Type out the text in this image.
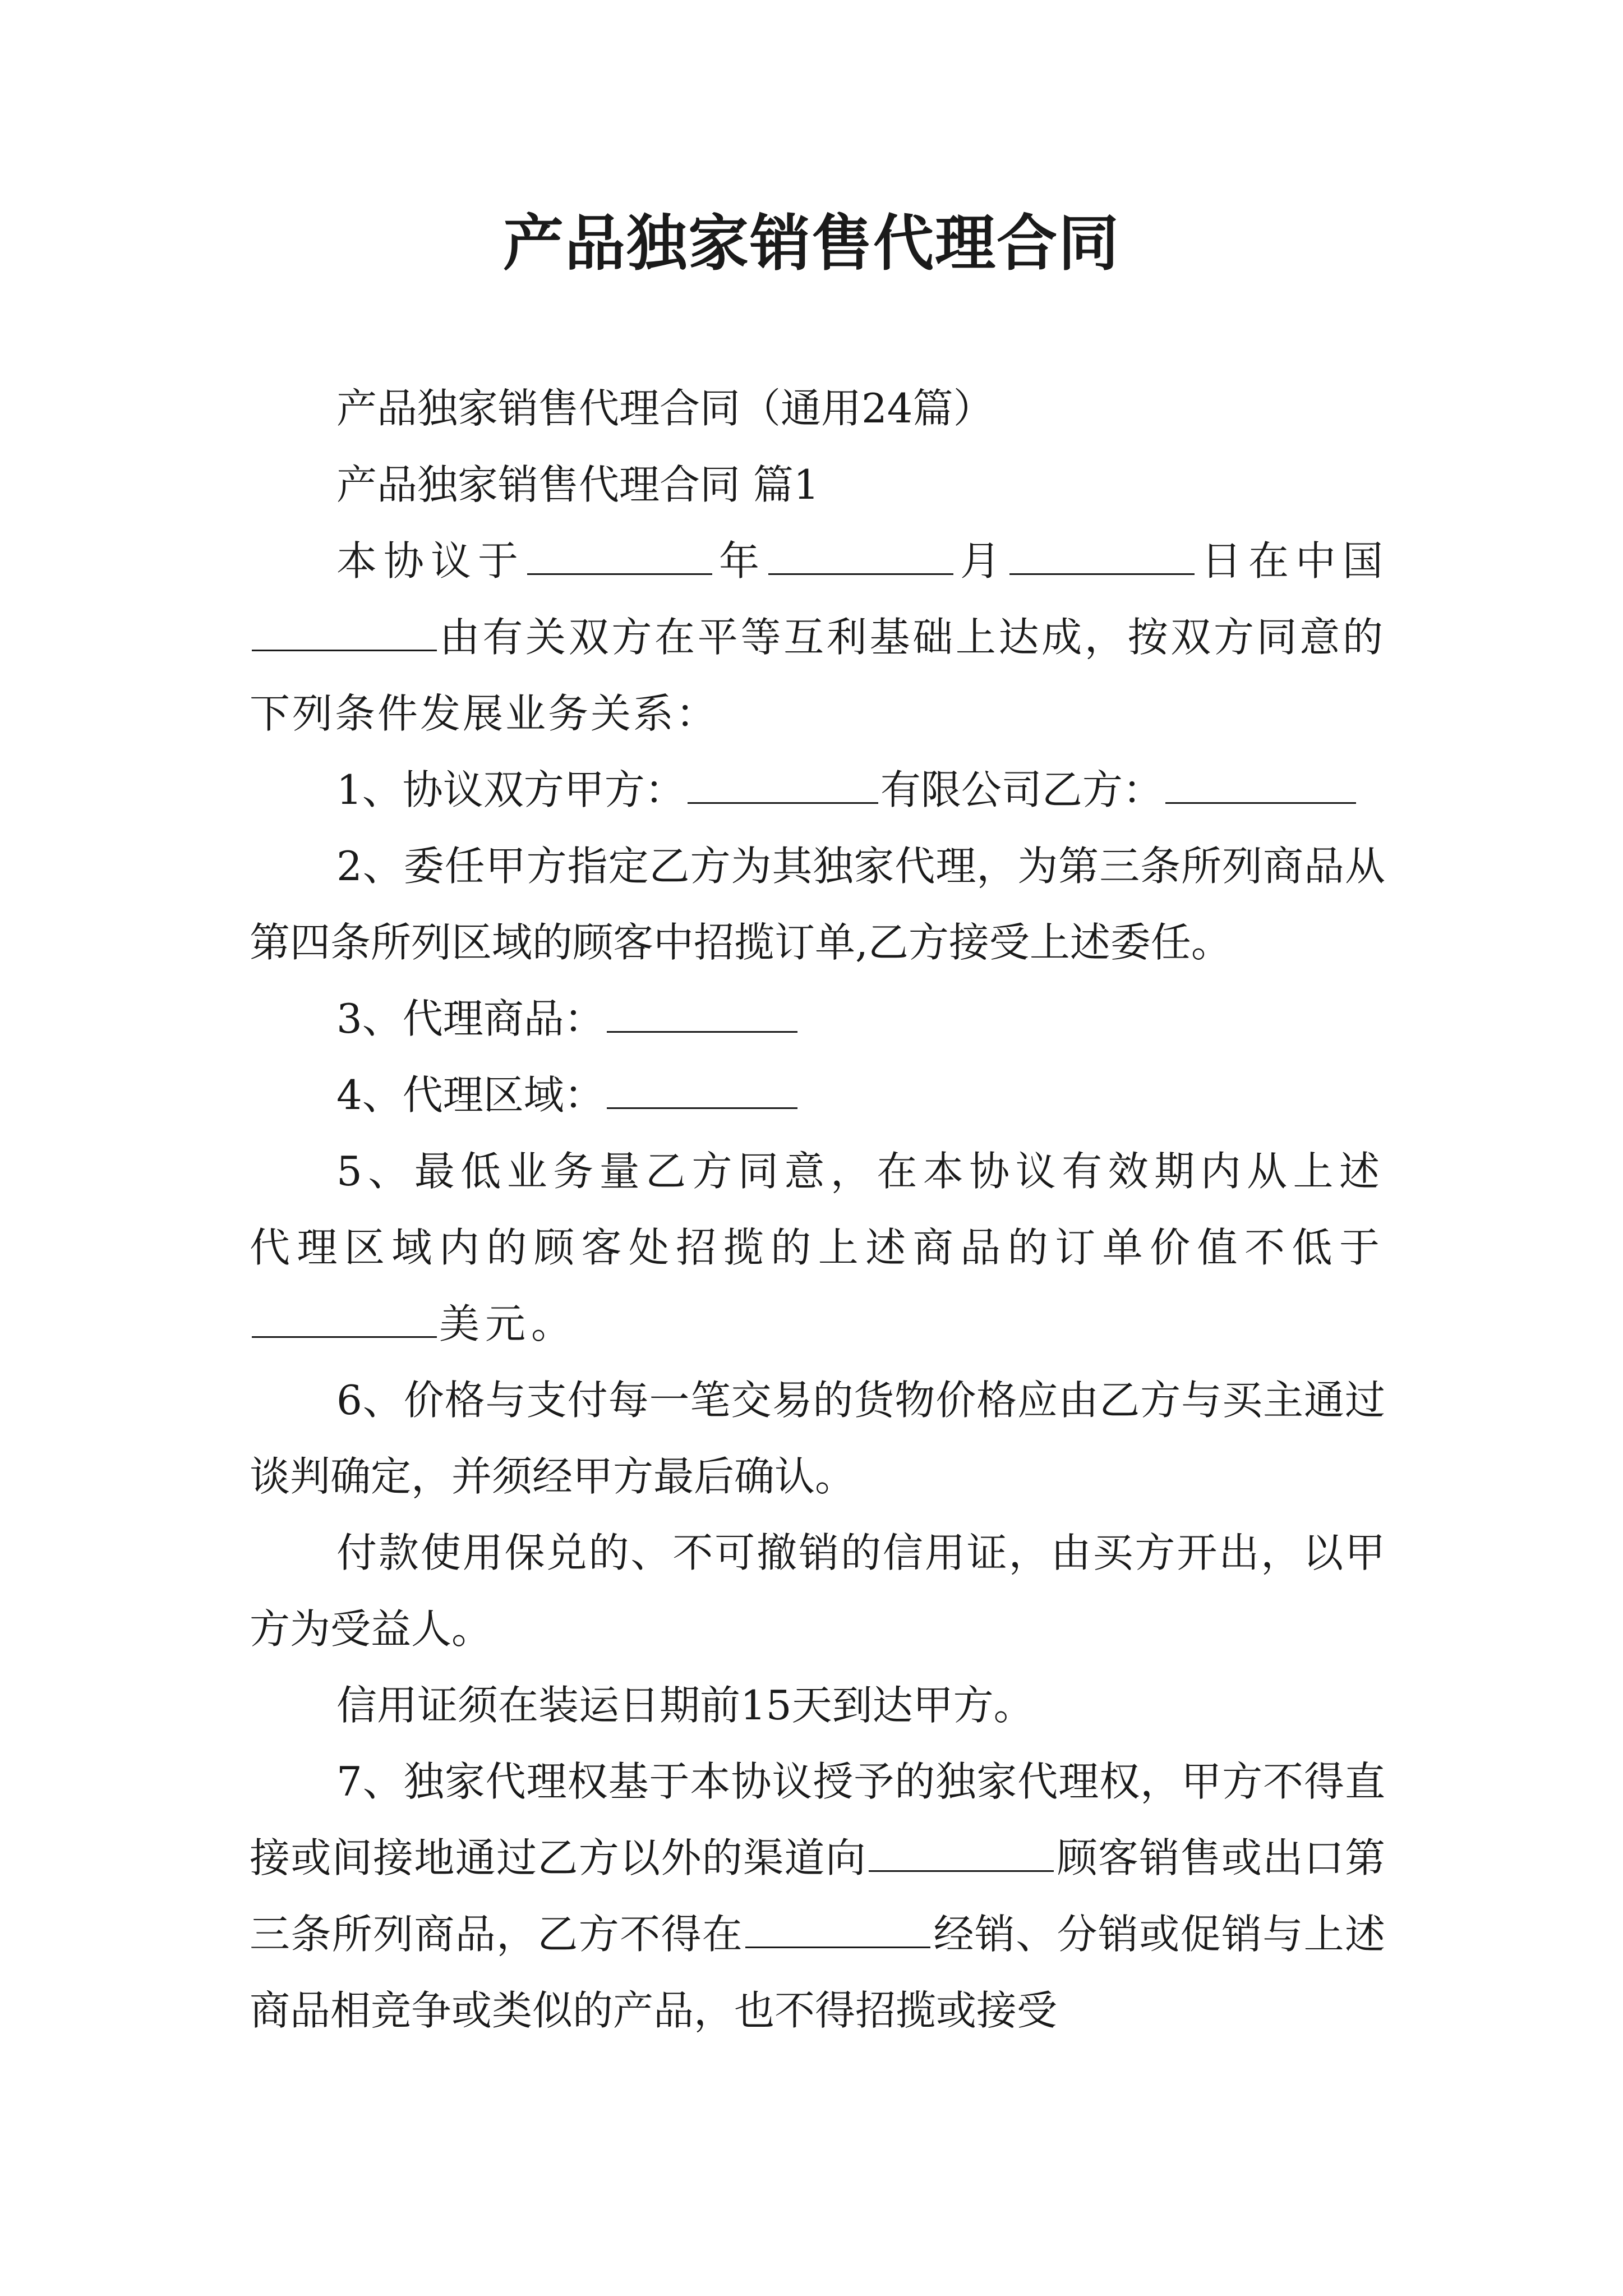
产品独家销售代理合同

产品独家销售代理合同（通用24篇）

产品独家销售代理合同 篇1

本协议于	年	月	日在中国由有关双方在平等互利基础上达成，按双方同意的下列条件发展业务关系：

1、协议双方甲方：	有限公司乙方：

2、委任甲方指定乙方为其独家代理，为第三条所列商品从第四条所列区域的顾客中招揽订单,乙方接受上述委任。

3、代理商品：

4、代理区域：

5、最低业务量乙方同意，在本协议有效期内从上述代理区域内的顾客处招揽的上述商品的订单价值不低于美元。

6、价格与支付每一笔交易的货物价格应由乙方与买主通过谈判确定，并须经甲方最后确认。

付款使用保兑的、不可撤销的信用证，由买方开出，以甲方为受益人。

信用证须在装运日期前15天到达甲方。

7、独家代理权基于本协议授予的独家代理权，甲方不得直接或间接地通过乙方以外的渠道向	顾客销售或出口第三条所列商品，乙方不得在	经销、分销或促销与上述商品相竞争或类似的产品，也不得招揽或接受
